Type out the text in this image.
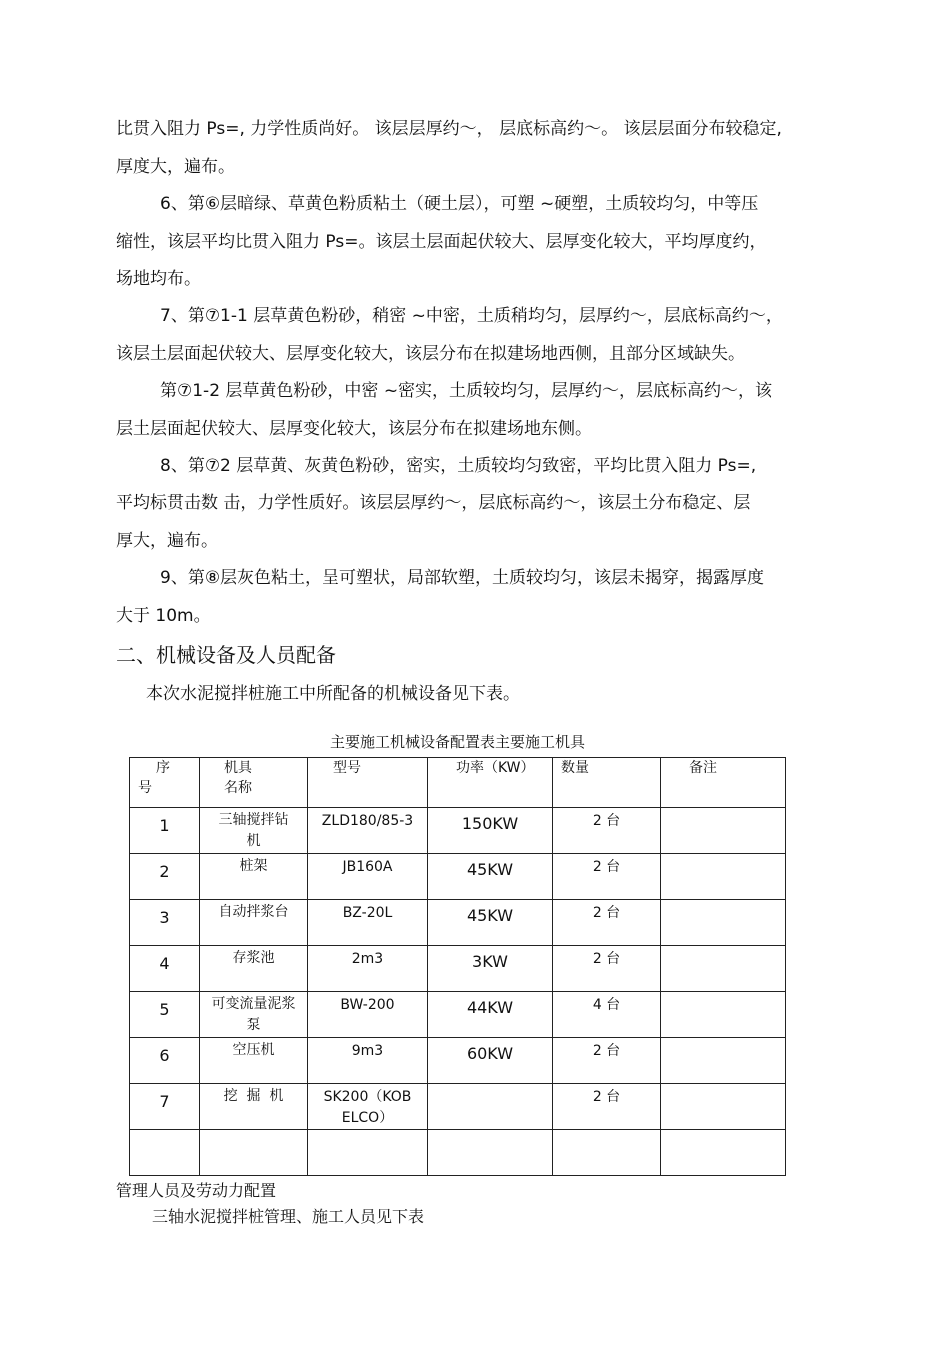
比贯入阻力 Ps=, 力学性质尚好。 该层层厚约～， 层底标高约～。 该层层面分布较稳定,
厚度大，遍布。
6、第⑥层暗绿、草黄色粉质粘土（硬土层），可塑 ~硬塑，土质较均匀，中等压
缩性，该层平均比贯入阻力 Ps=。该层土层面起伏较大、层厚变化较大，平均厚度约，
场地均布。
7、第⑦1-1 层草黄色粉砂，稍密 ~中密，土质稍均匀，层厚约～，层底标高约～，
该层土层面起伏较大、层厚变化较大，该层分布在拟建场地西侧，且部分区域缺失。
第⑦1-2 层草黄色粉砂，中密 ~密实，土质较均匀，层厚约～，层底标高约～，该
层土层面起伏较大、层厚变化较大，该层分布在拟建场地东侧。
8、第⑦2 层草黄、灰黄色粉砂，密实，土质较均匀致密，平均比贯入阻力 Ps=,
平均标贯击数 击，力学性质好。该层层厚约～，层底标高约～，该层土分布稳定、层
厚大，遍布。
9、第⑧层灰色粘土，呈可塑状，局部软塑，土质较均匀，该层未揭穿，揭露厚度
大于 10m。
二、机械设备及人员配备
本次水泥搅拌桩施工中所配备的机械设备见下表。
主要施工机械设备配置表主要施工机具
序
号	机具
名称	型号	功率（KW）	数量	备注

1	三轴搅拌钻机	ZLD180/85-3	150KW	2 台	

2	桩架	JB160A	45KW	2 台	

3	自动拌浆台	BZ-20L	45KW	2 台	

4	存浆池	2m3	3KW	2 台	

5	可变流量泥浆泵	BW-200	44KW	4 台	

6	空压机	9m3	60KW	2 台	

7	挖  掘  机	SK200（KOBELCO）		2 台	

管理人员及劳动力配置
三轴水泥搅拌桩管理、施工人员见下表
